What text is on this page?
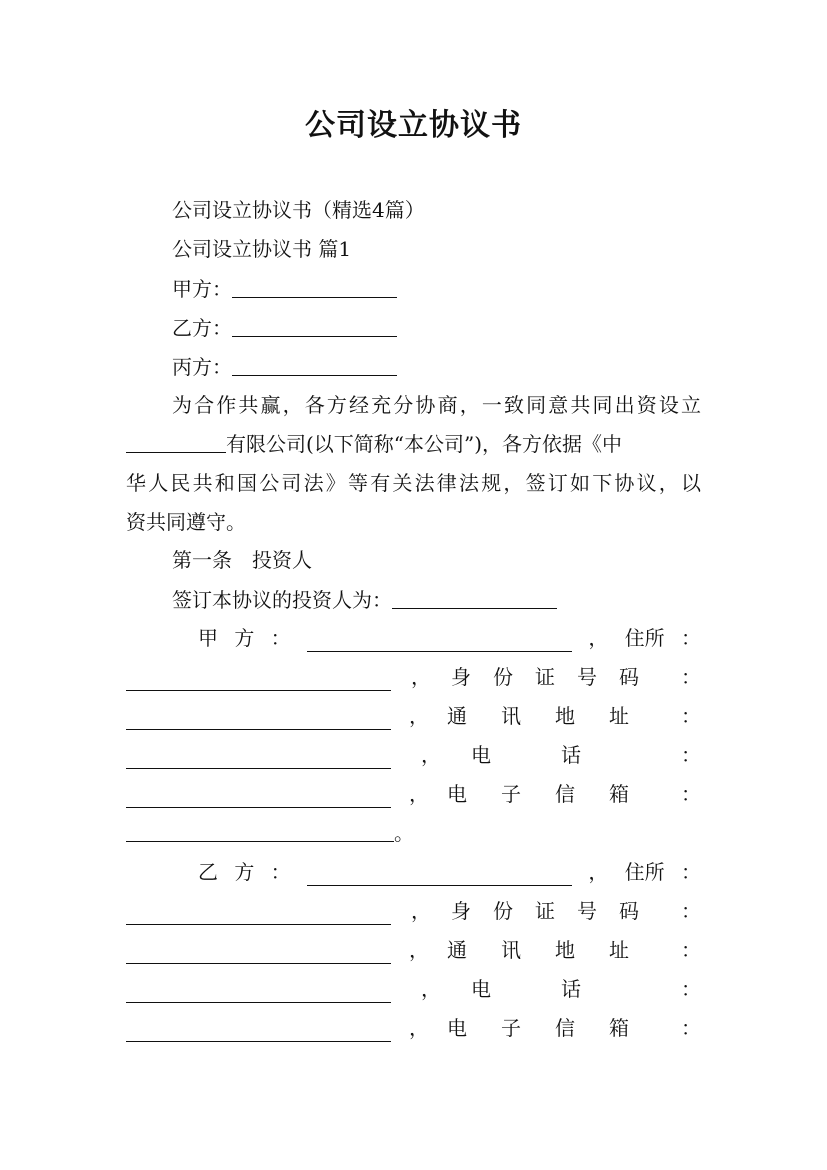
公司设立协议书
公司设立协议书（精选4篇）
公司设立协议书 篇1
甲方：
乙方：
丙方：
为合作共赢，各方经充分协商，一致同意共同出资设立
有限公司(以下简称“本公司”)，各方依据《中
华人民共和国公司法》等有关法律法规，签订如下协议，以
资共同遵守。
第一条　投资人
签订本协议的投资人为：
甲 方 ：	， 住所 ：
， 身份证号码 ：
， 通讯地址 ：
， 电话 ：
， 电子信箱 ：
。
乙 方 ：	， 住所 ：
， 身份证号码 ：
， 通讯地址 ：
， 电话 ：
， 电子信箱 ：
